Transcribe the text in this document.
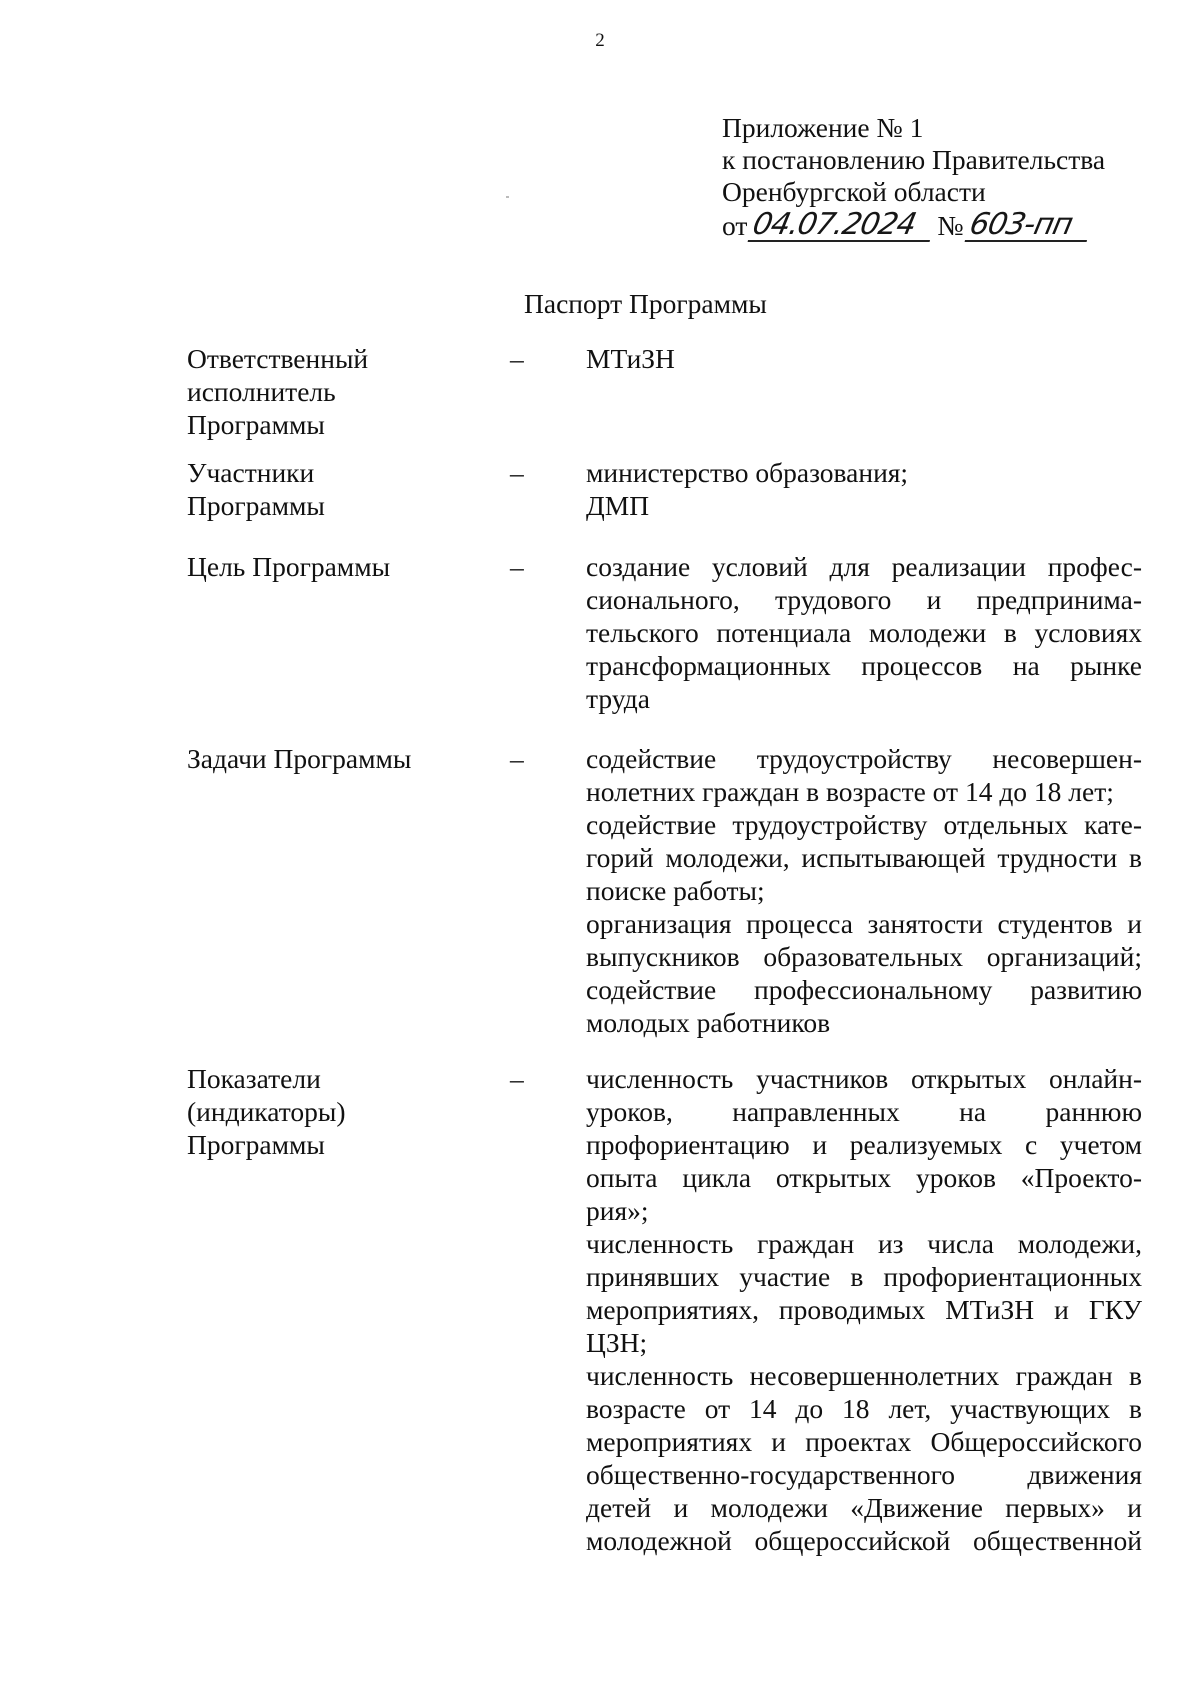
2
Приложение № 1
к постановлению Правительства
Оренбургской области
от 04.07.2024 № 603-пп
Паспорт Программы
Ответственный
исполнитель
Программы
–	МТиЗН
Участники
Программы
–	министерство образования;
ДМП
Цель Программы	–	создание условий для реализации профес-
сионального, трудового и предпринима-
тельского потенциала молодежи в условиях
трансформационных процессов на рынке
труда
Задачи Программы	–	содействие трудоустройству несовершен-
нолетних граждан в возрасте от 14 до 18 лет;
содействие трудоустройству отдельных кате-
горий молодежи, испытывающей трудности в
поиске работы;
организация процесса занятости студентов и
выпускников образовательных организаций;
содействие профессиональному развитию
молодых работников
Показатели
(индикаторы)
Программы
–	численность участников открытых онлайн-
уроков, направленных на раннюю
профориентацию и реализуемых с учетом
опыта цикла открытых уроков «Проекто-
рия»;
численность граждан из числа молодежи,
принявших участие в профориентационных
мероприятиях, проводимых МТиЗН и ГКУ
ЦЗН;
численность несовершеннолетних граждан в
возрасте от 14 до 18 лет, участвующих в
мероприятиях и проектах Общероссийского
общественно-государственного движения
детей и молодежи «Движение первых» и
молодежной общероссийской общественной
